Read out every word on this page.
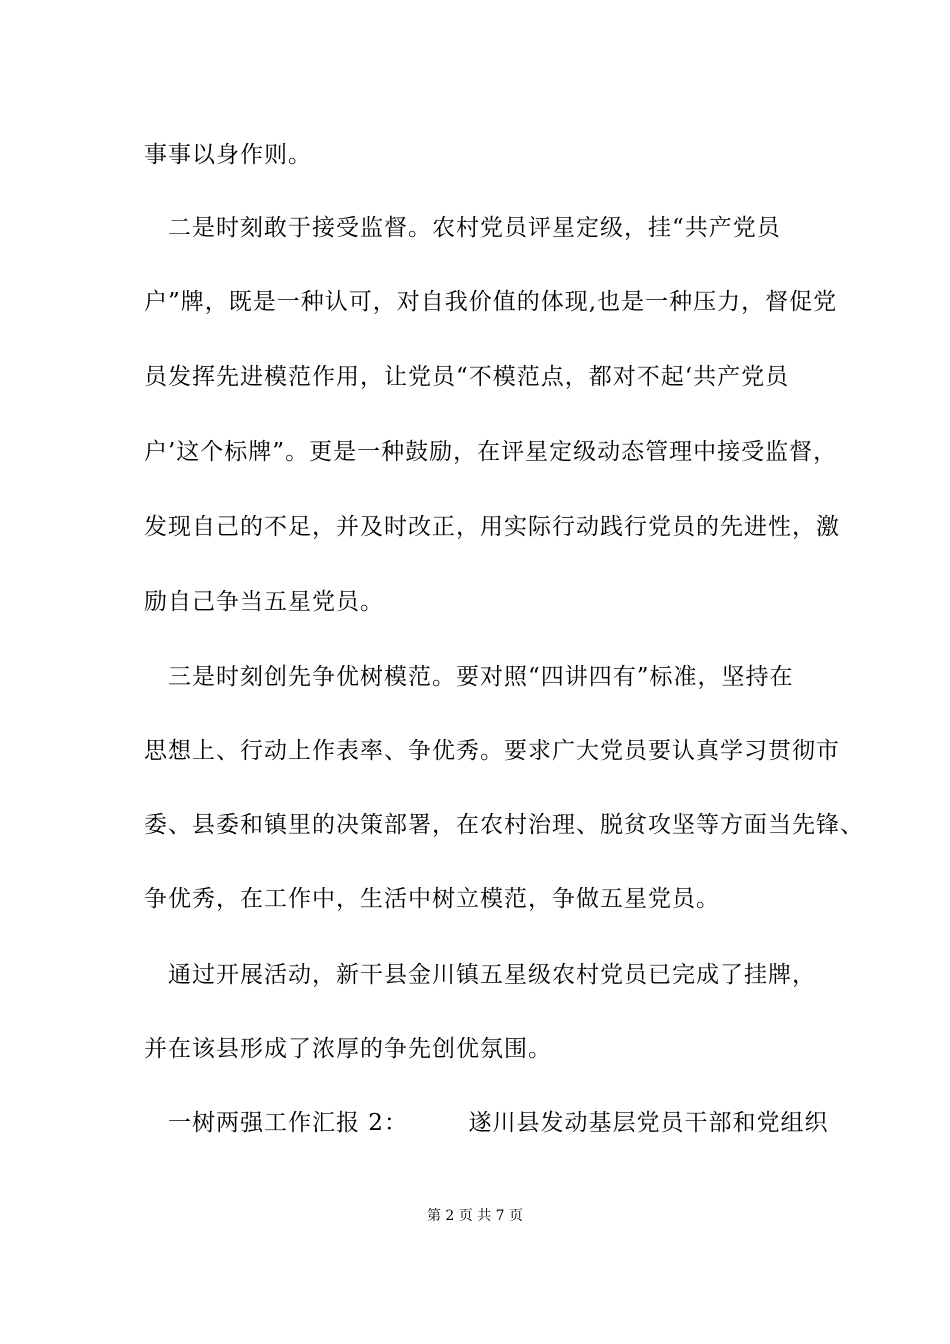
事事以身作则。
　二是时刻敢于接受监督。农村党员评星定级，挂“共产党员
户”牌，既是一种认可，对自我价值的体现,也是一种压力，督促党
员发挥先进模范作用，让党员“不模范点，都对不起‘共产党员
户’这个标牌”。更是一种鼓励，在评星定级动态管理中接受监督，
发现自己的不足，并及时改正，用实际行动践行党员的先进性，激
励自己争当五星党员。
　三是时刻创先争优树模范。要对照“四讲四有”标准，坚持在
思想上、行动上作表率、争优秀。要求广大党员要认真学习贯彻市
委、县委和镇里的决策部署，在农村治理、脱贫攻坚等方面当先锋、
争优秀，在工作中，生活中树立模范，争做五星党员。
　通过开展活动，新干县金川镇五星级农村党员已完成了挂牌，
并在该县形成了浓厚的争先创优氛围。
　一树两强工作汇报 2：　　　遂川县发动基层党员干部和党组织
第 2 页 共 7 页
